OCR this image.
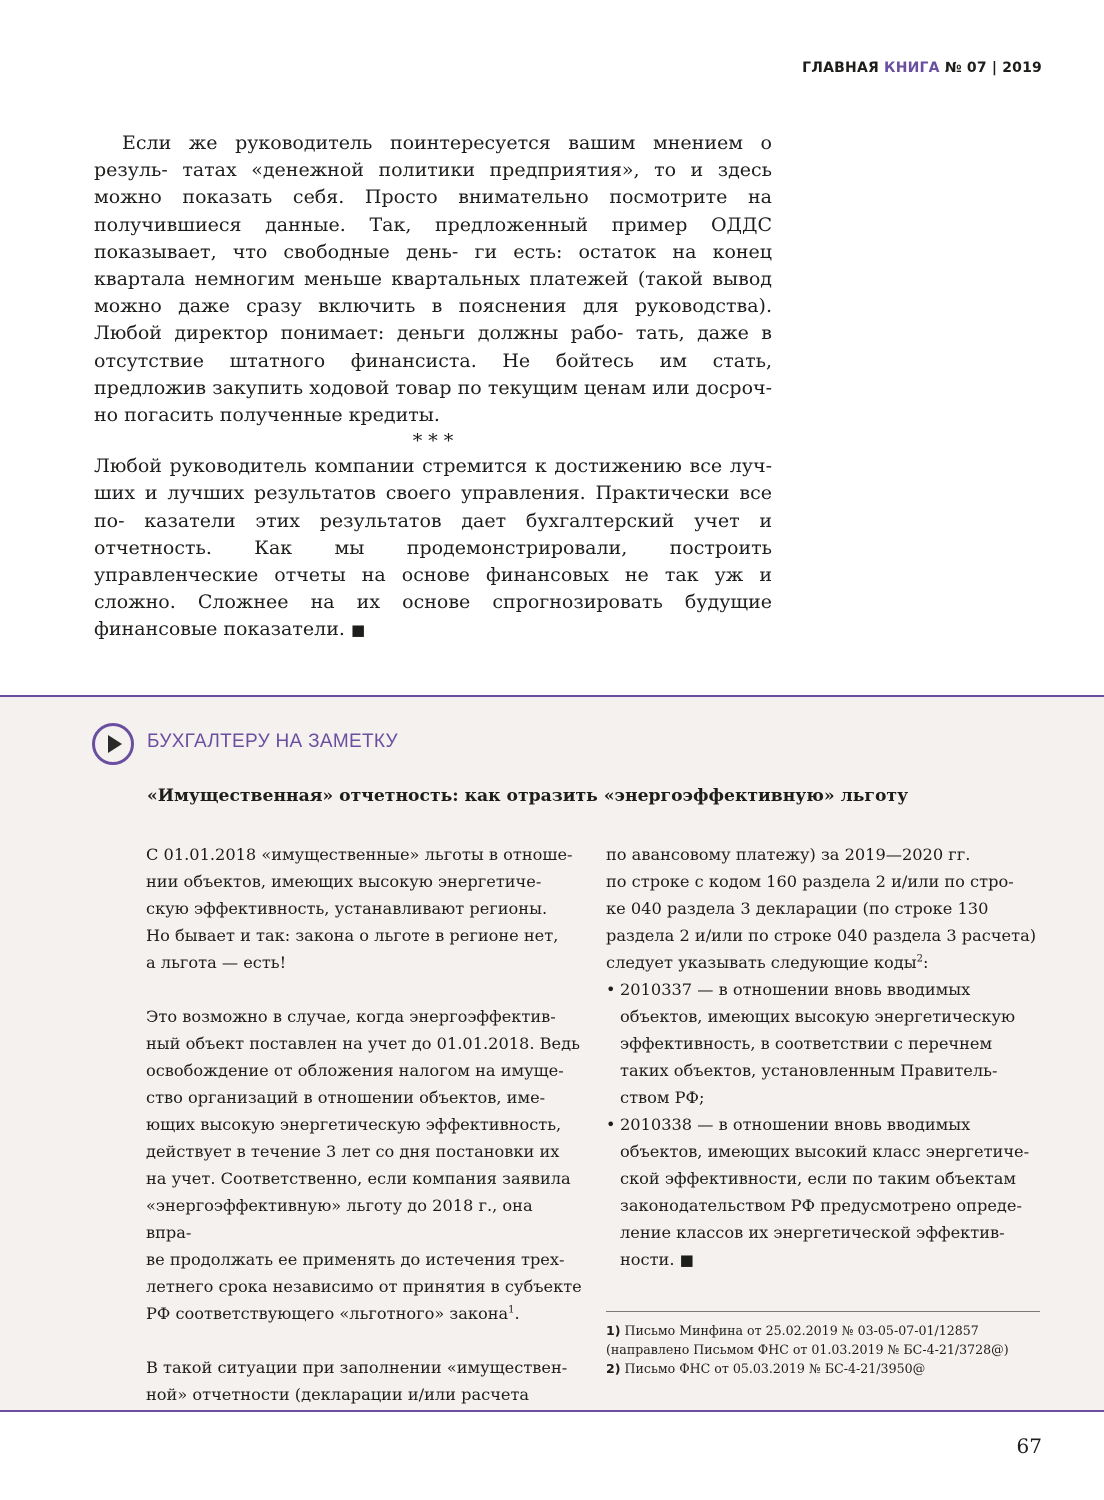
ГЛАВНАЯ КНИГА № 07 | 2019

Если же руководитель поинтересуется вашим мнением о резуль- татах «денежной политики предприятия», то и здесь можно показать себя. Просто внимательно посмотрите на получившиеся данные. Так, предложенный пример ОДДС показывает, что свободные день- ги есть: остаток на конец квартала немногим меньше квартальных платежей (такой вывод можно даже сразу включить в пояснения для руководства). Любой директор понимает: деньги должны рабо- тать, даже в отсутствие штатного финансиста. Не бойтесь им стать, предложив закупить ходовой товар по текущим ценам или досроч- но погасить полученные кредиты.

* * *

Любой руководитель компании стремится к достижению все луч- ших и лучших результатов своего управления. Практически все по- казатели этих результатов дает бухгалтерский учет и отчетность. Как мы продемонстрировали, построить управленческие отчеты на основе финансовых не так уж и сложно. Сложнее на их основе спрогнозировать будущие финансовые показатели. ■

БУХГАЛТЕРУ НА ЗАМЕТКУ
«Имущественная» отчетность: как отразить «энергоэффективную» льготу

С 01.01.2018 «имущественные» льготы в отноше-
нии объектов, имеющих высокую энергетиче-
скую эффективность, устанавливают регионы.
Но бывает и так: закона о льготе в регионе нет,
а льгота — есть!

Это возможно в случае, когда энергоэффектив-
ный объект поставлен на учет до 01.01.2018. Ведь
освобождение от обложения налогом на имуще-
ство организаций в отношении объектов, име-
ющих высокую энергетическую эффективность,
действует в течение 3 лет со дня постановки их
на учет. Соответственно, если компания заявила
«энергоэффективную» льготу до 2018 г., она впра-
ве продолжать ее применять до истечения трех-
летнего срока независимо от принятия в субъекте
РФ соответствующего «льготного» закона$^1$.

В такой ситуации при заполнении «имуществен-
ной» отчетности (декларации и/или расчета

по авансовому платежу) за 2019—2020 гг.
по строке с кодом 160 раздела 2 и/или по стро-
ке 040 раздела 3 декларации (по строке 130
раздела 2 и/или по строке 040 раздела 3 расчета)
следует указывать следующие коды$^2$:

• 2010337 — в отношении вновь вводимых
объектов, имеющих высокую энергетическую
эффективность, в соответствии с перечнем
таких объектов, установленным Правитель-
ством РФ;
• 2010338 — в отношении вновь вводимых
объектов, имеющих высокий класс энергетиче-
ской эффективности, если по таким объектам
законодательством РФ предусмотрено опреде-
ление классов их энергетической эффектив-
ности. ■

1) Письмо Минфина от 25.02.2019 № 03-05-07-01/12857
(направлено Письмом ФНС от 01.03.2019 № БС-4-21/3728@)

2) Письмо ФНС от 05.03.2019 № БС-4-21/3950@

67
